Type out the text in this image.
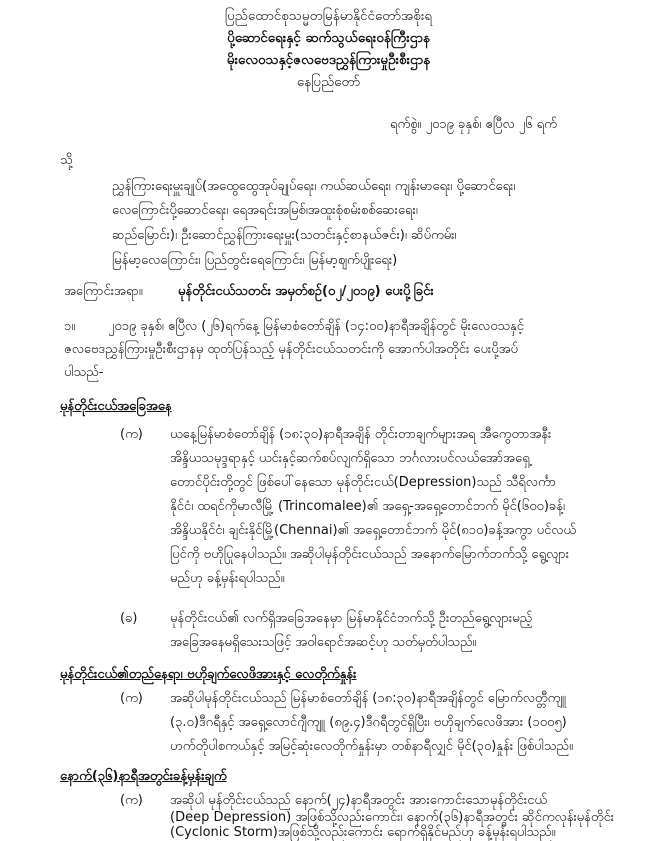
ပြည်ထောင်စုသမ္မတမြန်မာနိုင်ငံတော်အစိုးရ
ပို့ဆောင်ရေးနှင့် ဆက်သွယ်ရေးဝန်ကြီးဌာန
မိုးလေဝသနှင့်ဇလဗေဒညွှန်ကြားမှုဦးစီးဌာန
နေပြည်တော်
ရက်စွဲ။ ၂၀၁၉ ခုနှစ်၊ ဧပြီလ ၂၆ ရက်
သို့
ညွှန်ကြားရေးမှူးချုပ်(အထွေထွေအုပ်ချုပ်ရေး၊ ကယ်ဆယ်ရေး၊ ကျန်းမာရေး၊ ပို့ဆောင်ရေး၊
လေကြောင်းပို့ဆောင်ရေး၊ ရေအရင်းအမြစ်၊အထူးစုံစမ်းစစ်ဆေးရေး၊
ဆည်မြောင်း)၊ ဦးဆောင်ညွှန်ကြားရေးမှူး(သတင်းနှင့်စာနယ်ဇင်း)၊ ဆိပ်ကမ်း၊
မြန်မာ့လေကြောင်း၊ ပြည်တွင်းရေကြောင်း၊ မြန်မာ့ဈက်ပျိုးရေး)
အကြောင်းအရာ။	မုန်တိုင်းငယ်သတင်း အမှတ်စဉ်(၀၂/၂၀၁၉) ပေးပို့ခြင်း
၁။	၂၀၁၉ ခုနှစ်၊ ဧပြီလ (၂၆)ရက်နေ့ မြန်မာစံတော်ချိန် (၁၄:၀၀)နာရီအချိန်တွင် မိုးလေဝသနှင့်
ဇလဗေဒညွှန်ကြားမှုဦးစီးဌာနမှ ထုတ်ပြန်သည့် မုန်တိုင်းငယ်သတင်းကို အောက်ပါအတိုင်း ပေးပို့အပ်
ပါသည်-
မုန်တိုင်းငယ်အခြေအနေ
(က) ယနေ့မြန်မာစံတော်ချိန် (၁၈:၃၀)နာရီအချိန် တိုင်းတာချက်များအရ အီကွေတာအနီး
အိန္ဒိယသမုဒ္ဒရာနှင့် ယင်းနှင့်ဆက်စပ်လျက်ရှိသော ဘင်္ဂလားပင်လယ်အော်အရှေ့
တောင်ပိုင်းတို့တွင် ဖြစ်ပေါ်နေသော မုန်တိုင်းငယ်(Depression)သည် သီရိလင်္ကာ
နိုင်ငံ၊ ထရင်ကိုမာလီမြို့ (Trincomalee)၏ အရှေ့-အရှေ့တောင်ဘက် မိုင်(၆၀၀)ခန့်၊
အိန္ဒိယနိုင်ငံ၊ ချင်းနိုင်မြို့(Chennai)၏ အရှေ့တောင်ဘက် မိုင်(၈၁၀)ခန့်အကွာ ပင်လယ်
ပြင်ကို ဗဟိုပြုနေပါသည်။ အဆိုပါမုန်တိုင်းငယ်သည် အနောက်မြောက်ဘက်သို့ ရွေ့လျား
မည်ဟု ခန့်မှန်းရပါသည်။
(ခ)	မုန်တိုင်းငယ်၏ လက်ရှိအခြေအနေမှာ မြန်မာနိုင်ငံဘက်သို့ ဦးတည်ရွေ့လျားမည့်
အခြေအနေမရှိသေးသဖြင့် အဝါရောင်အဆင့်ဟု သတ်မှတ်ပါသည်။
မုန်တိုင်းငယ်၏တည်နေရာ၊ ဗဟိုချက်လေဖိအားနှင့် လေတိုက်နှုန်း
(က) အဆိုပါမုန်တိုင်းငယ်သည် မြန်မာစံတော်ချိန် (၁၈:၃၀)နာရီအချိန်တွင် မြောက်လတ္တီကျူ
(၃.၀)ဒီဂရီနှင့် အရှေ့လောင်ဂျီကျူ (၈၉.၄)ဒီဂရီတွင်ရှိပြီး၊ ဗဟိုချက်လေဖိအား (၁၀၀၅)
ဟက်တိုပါစကယ်နှင့် အမြင့်ဆုံးလေတိုက်နှုန်းမှာ တစ်နာရီလျှင် မိုင်(၃၀)နှုန်း ဖြစ်ပါသည်။
နောက်(၃၆)နာရီအတွင်းခန့်မှန်းချက်
(က) အဆိုပါ မုန်တိုင်းငယ်သည် နောက်(၂၄)နာရီအတွင်း အားကောင်းသောမုန်တိုင်းငယ်
(Deep Depression) အဖြစ်သို့လည်းကောင်း၊ နောက်(၃၆)နာရီအတွင်း ဆိုင်ကလုန်းမုန်တိုင်း
(Cyclonic Storm)အဖြစ်သို့လည်းကောင်း ရောက်ရှိနိုင်မည်ဟု ခန့်မှန်းရပါသည်။
